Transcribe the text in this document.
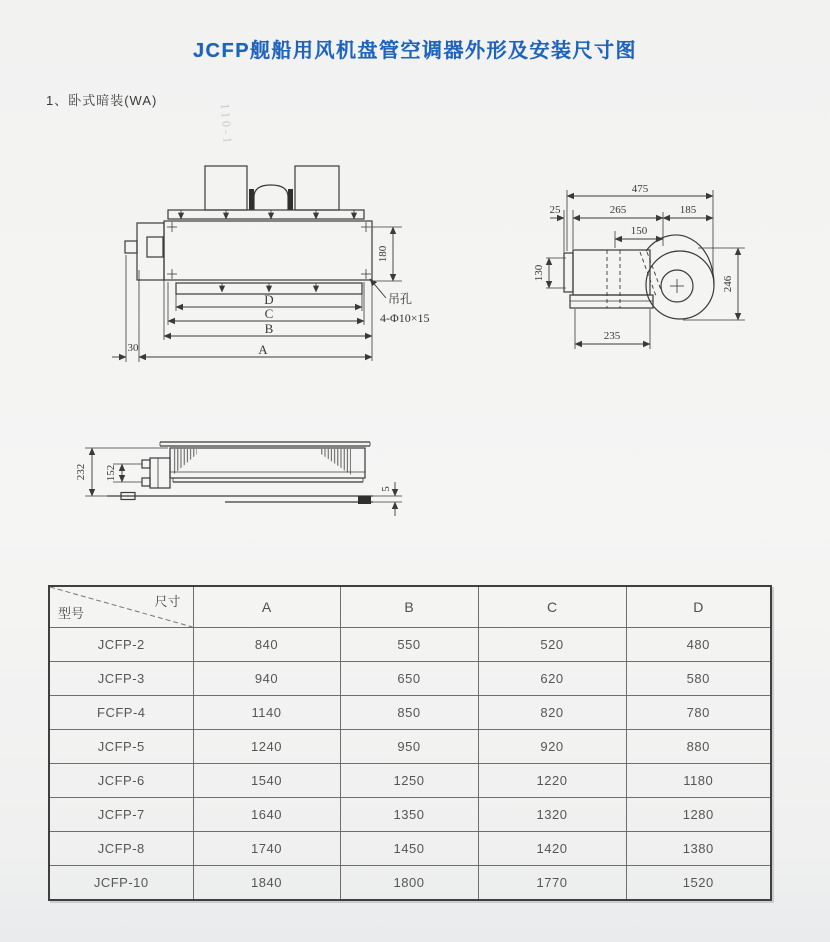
JCFP舰船用风机盘管空调器外形及安装尺寸图
1、卧式暗装(WA)
110-1
D
C
B
A
30
180
吊孔
4-Φ10×15
475
25	265	185
150
130
246
235
232 152
5
尺寸
型号	A	B	C	D
JCFP-2	840	550	520	480
JCFP-3	940	650	620	580
FCFP-4	1140	850	820	780
JCFP-5	1240	950	920	880
JCFP-6	1540	1250	1220	1180
JCFP-7	1640	1350	1320	1280
JCFP-8	1740	1450	1420	1380
JCFP-10	1840	1800	1770	1520
